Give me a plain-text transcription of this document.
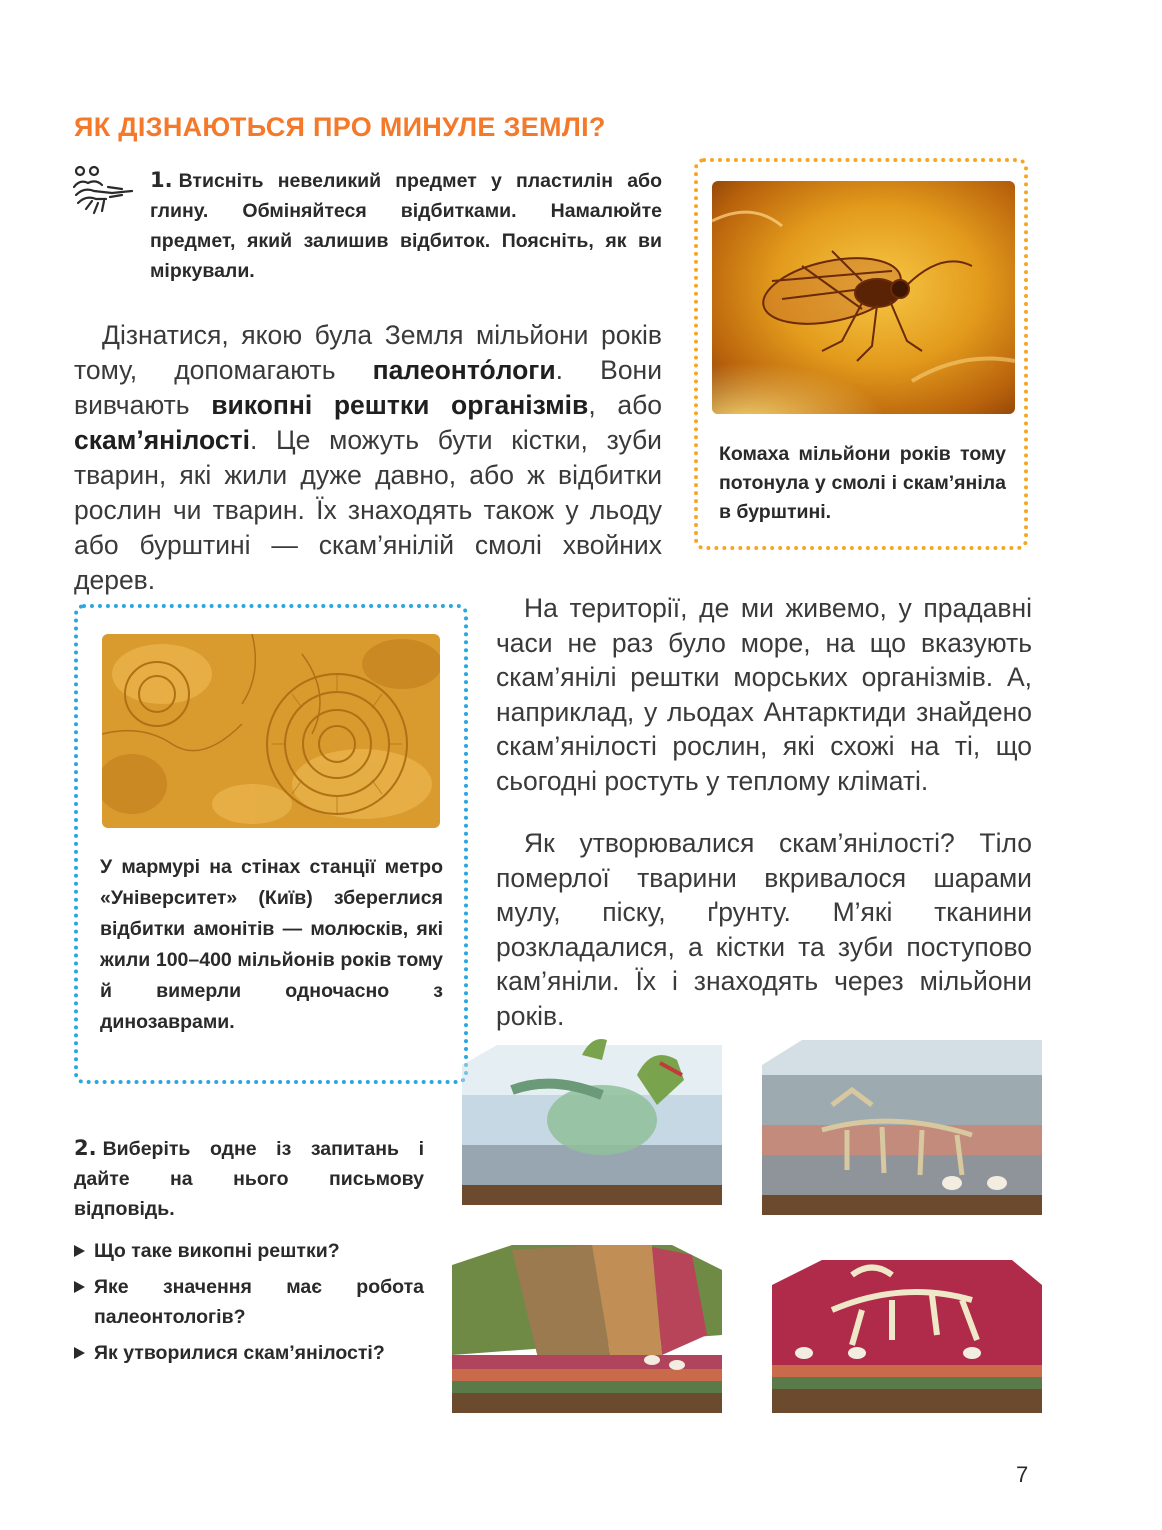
ЯК ДІЗНАЮТЬСЯ ПРО МИНУЛЕ ЗЕМЛІ?

1. Втисніть невеликий предмет у пластилін або глину. Обміняйтеся відбитками. Намалюйте предмет, який залишив відбиток. Поясніть, як ви міркували.

Дізнатися, якою була Земля мільйони років тому, допомагають палеонто́логи. Вони вивчають викопні рештки організмів, або скам’янілості. Це можуть бути кістки, зуби тварин, які жили дуже давно, або ж відбитки рослин чи тварин. Їх знаходять також у льоду або бурштині — скам’янілій смолі хвойних дерев.

Комаха мільйони років тому потонула у смолі і скам’яніла в бурштині.

У мармурі на стінах станції метро «Університет» (Київ) збереглися відбитки амонітів — молюсків, які жили 100–400 мільйонів років тому й вимерли одночасно з динозаврами.

На території, де ми живемо, у прадавні часи не раз було море, на що вказують скам’янілі рештки морських організмів. А, наприклад, у льодах Антарктиди знайдено скам’янілості рослин, які схожі на ті, що сьогодні ростуть у теплому кліматі.

Як утворювалися скам’янілості? Тіло померлої тварини вкривалося шарами мулу, піску, ґрунту. М’які тканини розкладалися, а кістки та зуби поступово кам’яніли. Їх і знаходять через мільйони років.

2. Виберіть одне із запитань і дайте на нього письмову відповідь.

Що таке викопні рештки?
Яке значення має робота палеонтологів?
Як утворилися скам’янілості?
7
